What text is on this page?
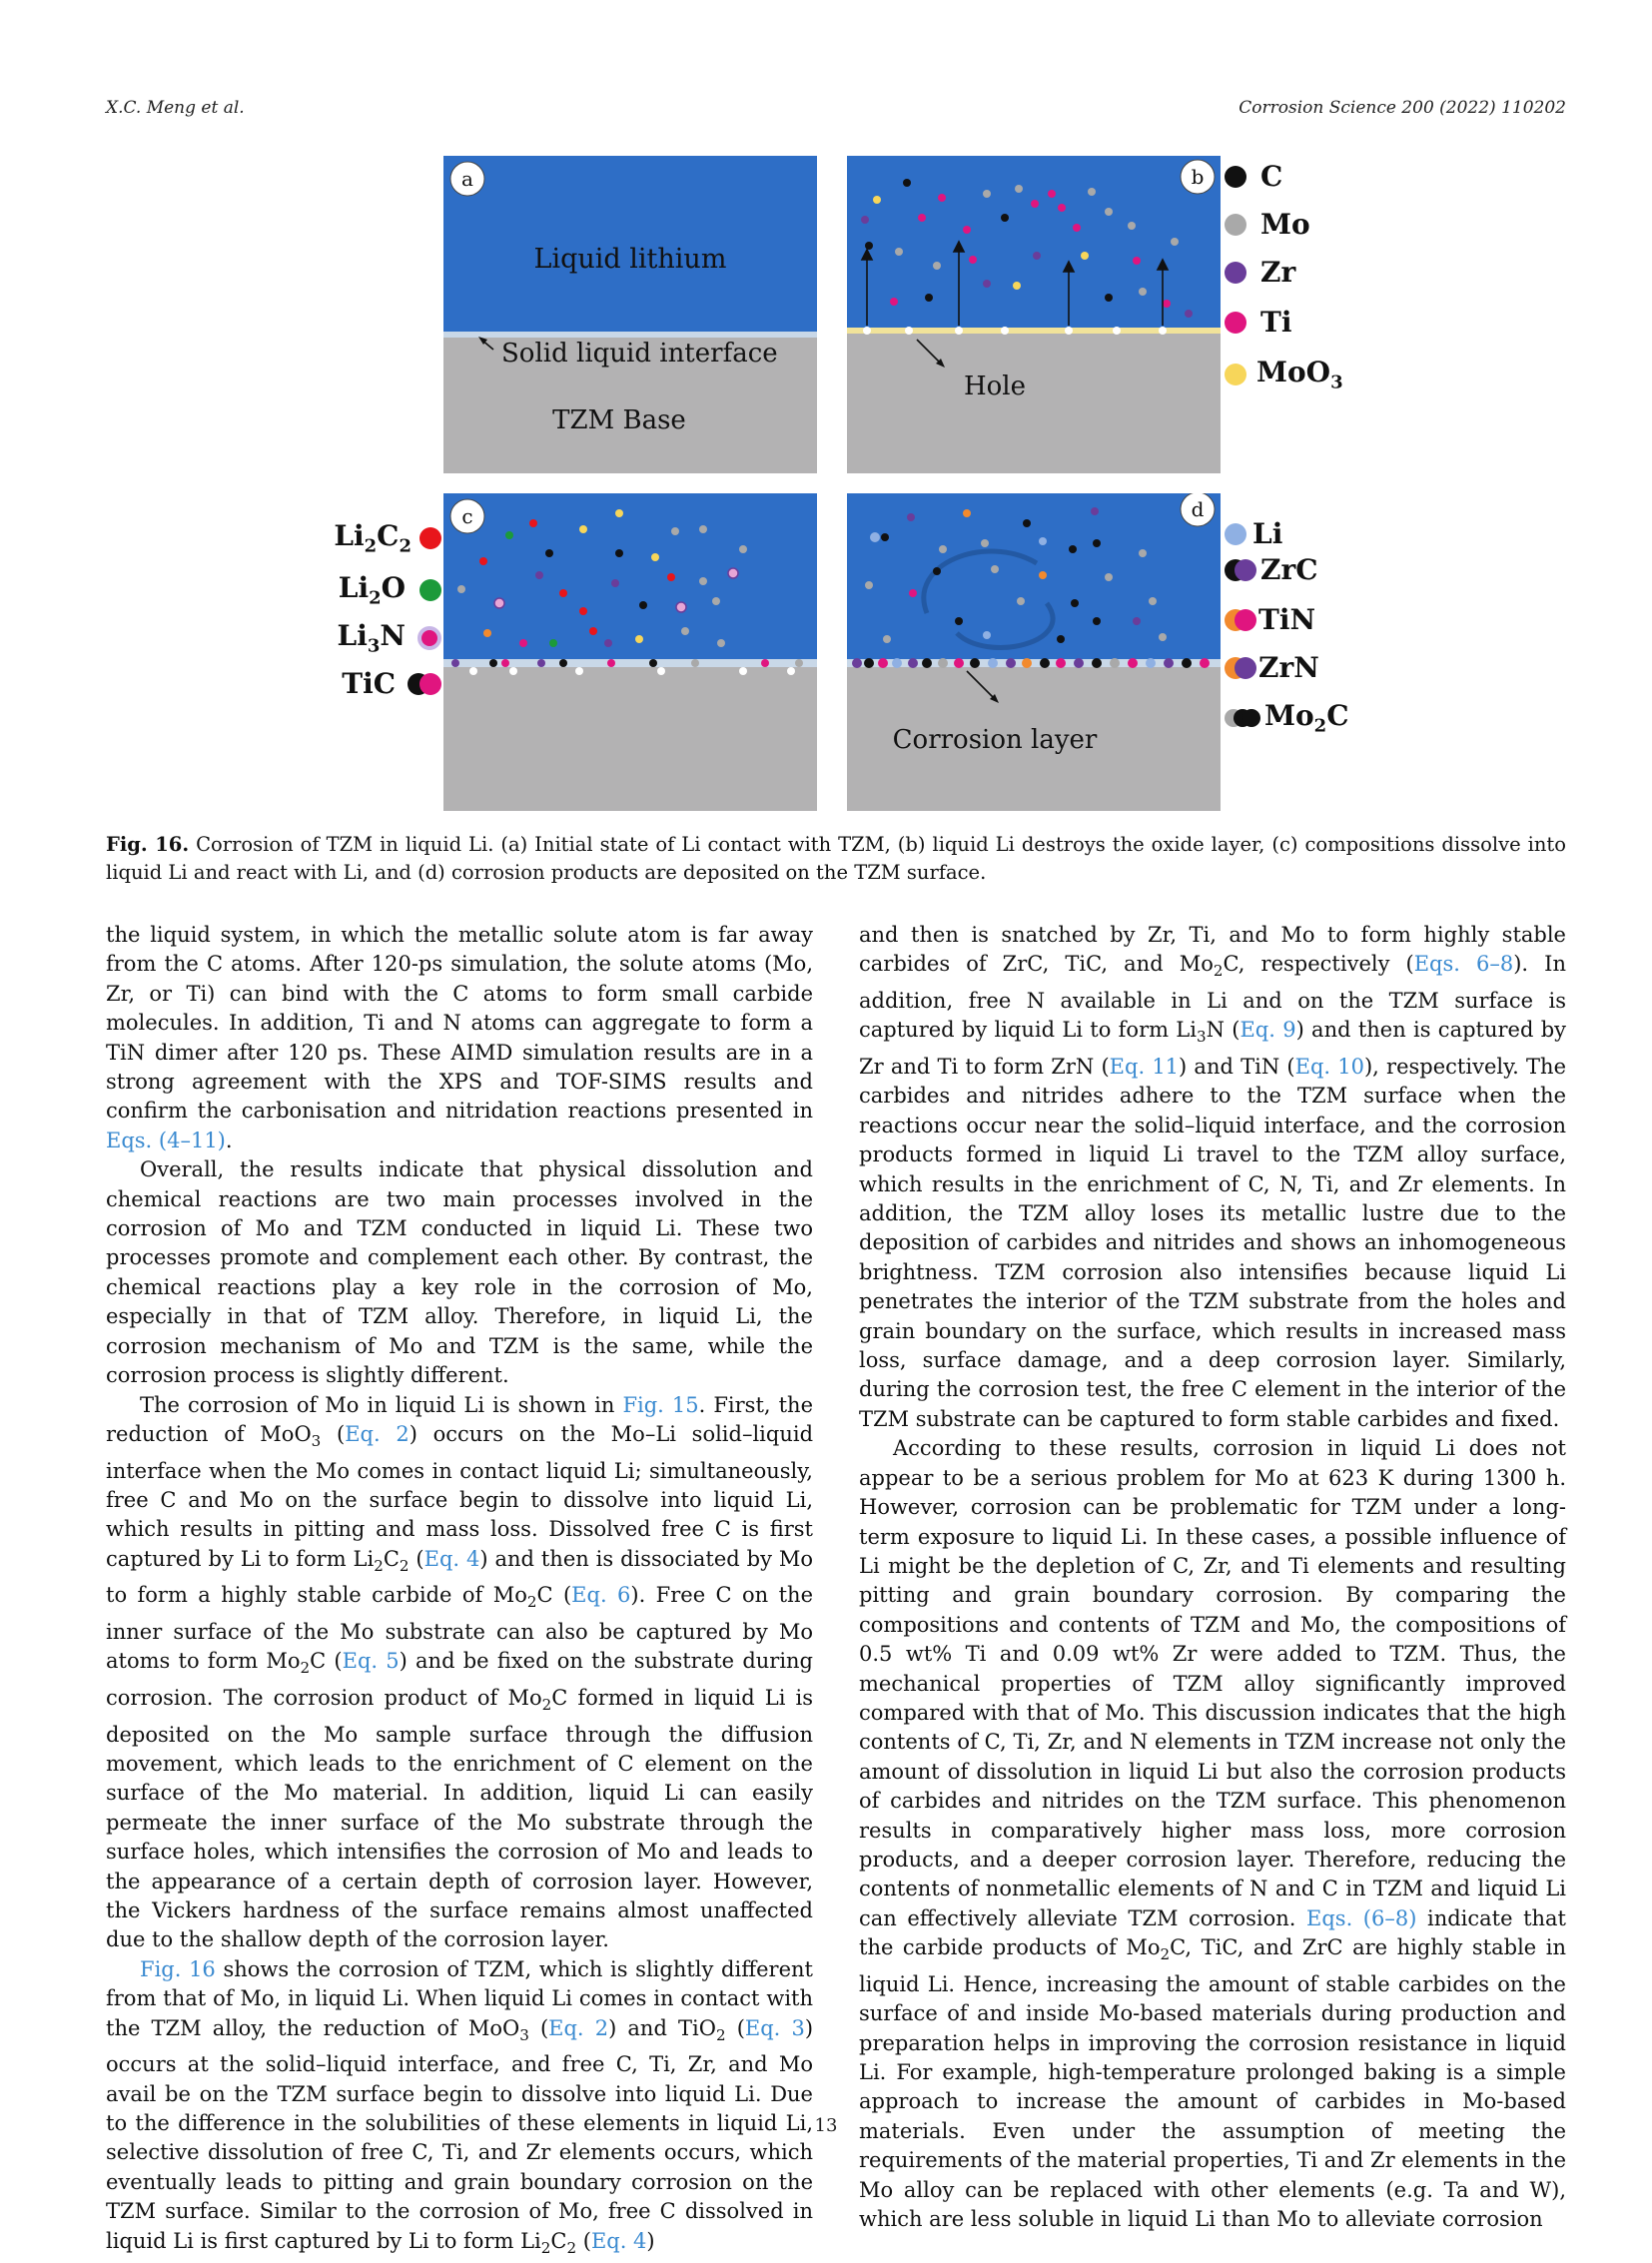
X.C. Meng et al.	Corrosion Science 200 (2022) 110202
a
Liquid lithium
Solid liquid interface
TZM Base
Hole
b C
Mo
Zr
Ti
MoO$_3$
c
$Li_2C_2$
$Li_2O$
$Li_3N$
TiC
Corrosion layer
d
Li
ZrC
TiN
ZrN
$Mo_2C$
Fig. 16. Corrosion of TZM in liquid Li. (a) Initial state of Li contact with TZM, (b) liquid Li destroys the oxide layer, (c) compositions dissolve into liquid Li and react with Li, and (d) corrosion products are deposited on the TZM surface.

the liquid system, in which the metallic solute atom is far away from the C atoms. After 120-ps simulation, the solute atoms (Mo, Zr, or Ti) can bind with the C atoms to form small carbide molecules. In addition, Ti and N atoms can aggregate to form a TiN dimer after 120 ps. These AIMD simulation results are in a strong agreement with the XPS and TOF-SIMS results and confirm the carbonisation and nitridation reactions presented in Eqs. (4–11).

Overall, the results indicate that physical dissolution and chemical reactions are two main processes involved in the corrosion of Mo and TZM conducted in liquid Li. These two processes promote and complement each other. By contrast, the chemical reactions play a key role in the corrosion of Mo, especially in that of TZM alloy. Therefore, in liquid Li, the corrosion mechanism of Mo and TZM is the same, while the corrosion process is slightly different.

The corrosion of Mo in liquid Li is shown in Fig. 15. First, the reduction of MoO$_3$ (Eq. 2) occurs on the Mo–Li solid–liquid interface when the Mo comes in contact liquid Li; simultaneously, free C and Mo on the surface begin to dissolve into liquid Li, which results in pitting and mass loss. Dissolved free C is first captured by Li to form $Li_2C_2$ (Eq. 4) and then is dissociated by Mo to form a highly stable carbide of $Mo_2C$ (Eq. 6). Free C on the inner surface of the Mo substrate can also be captured by Mo atoms to form $Mo_2C$ (Eq. 5) and be fixed on the substrate during corrosion. The corrosion product of $Mo_2C$ formed in liquid Li is deposited on the Mo sample surface through the diffusion movement, which leads to the enrichment of C element on the surface of the Mo material. In addition, liquid Li can easily permeate the inner surface of the Mo substrate through the surface holes, which intensifies the corrosion of Mo and leads to the appearance of a certain depth of corrosion layer. However, the Vickers hardness of the surface remains almost unaffected due to the shallow depth of the corrosion layer.

Fig. 16 shows the corrosion of TZM, which is slightly different from that of Mo, in liquid Li. When liquid Li comes in contact with the TZM alloy, the reduction of MoO$_3$ (Eq. 2) and TiO$_2$ (Eq. 3) occurs at the solid–liquid interface, and free C, Ti, Zr, and Mo avail be on the TZM surface begin to dissolve into liquid Li. Due to the difference in the solubilities of these elements in liquid Li, selective dissolution of free C, Ti, and Zr elements occurs, which eventually leads to pitting and grain boundary corrosion on the TZM surface. Similar to the corrosion of Mo, free C dissolved in liquid Li is first captured by Li to form $Li_2C_2$ (Eq. 4)

and then is snatched by Zr, Ti, and Mo to form highly stable carbides of ZrC, TiC, and $Mo_2C$, respectively (Eqs. 6–8). In addition, free N available in Li and on the TZM surface is captured by liquid Li to form $Li_3N$ (Eq. 9) and then is captured by Zr and Ti to form ZrN (Eq. 11) and TiN (Eq. 10), respectively. The carbides and nitrides adhere to the TZM surface when the reactions occur near the solid–liquid interface, and the corrosion products formed in liquid Li travel to the TZM alloy surface, which results in the enrichment of C, N, Ti, and Zr elements. In addition, the TZM alloy loses its metallic lustre due to the deposition of carbides and nitrides and shows an inhomogeneous brightness. TZM corrosion also intensifies because liquid Li penetrates the interior of the TZM substrate from the holes and grain boundary on the surface, which results in increased mass loss, surface damage, and a deep corrosion layer. Similarly, during the corrosion test, the free C element in the interior of the TZM substrate can be captured to form stable carbides and fixed.

According to these results, corrosion in liquid Li does not appear to be a serious problem for Mo at 623 K during 1300 h. However, corrosion can be problematic for TZM under a long-term exposure to liquid Li. In these cases, a possible influence of Li might be the depletion of C, Zr, and Ti elements and resulting pitting and grain boundary corrosion. By comparing the compositions and contents of TZM and Mo, the compositions of 0.5 wt% Ti and 0.09 wt% Zr were added to TZM. Thus, the mechanical properties of TZM alloy significantly improved compared with that of Mo. This discussion indicates that the high contents of C, Ti, Zr, and N elements in TZM increase not only the amount of dissolution in liquid Li but also the corrosion products of carbides and nitrides on the TZM surface. This phenomenon results in comparatively higher mass loss, more corrosion products, and a deeper corrosion layer. Therefore, reducing the contents of nonmetallic elements of N and C in TZM and liquid Li can effectively alleviate TZM corrosion. Eqs. (6–8) indicate that the carbide products of $Mo_2C$, TiC, and ZrC are highly stable in liquid Li. Hence, increasing the amount of stable carbides on the surface of and inside Mo-based materials during production and preparation helps in improving the corrosion resistance in liquid Li. For example, high-temperature prolonged baking is a simple approach to increase the amount of carbides in Mo-based materials. Even under the assumption of meeting the requirements of the material properties, Ti and Zr elements in the Mo alloy can be replaced with other elements (e.g. Ta and W), which are less soluble in liquid Li than Mo to alleviate corrosion

13
